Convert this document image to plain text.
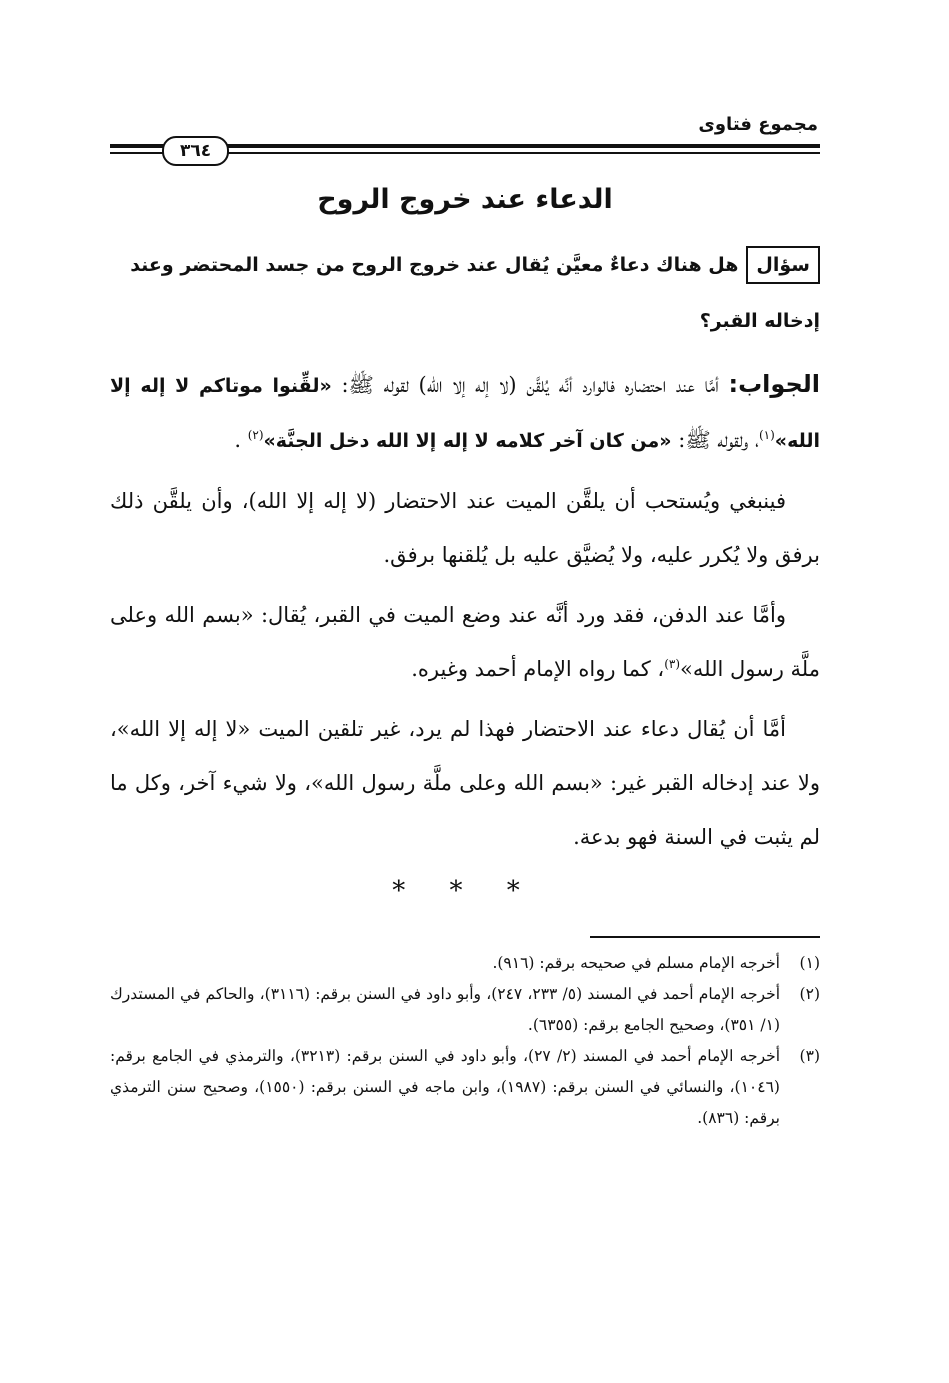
مجموع فتاوى
٣٦٤
الدعاء عند خروج الروح
سؤالهل هناك دعاءٌ معيَّن يُقال عند خروج الروح من جسد المحتضر وعند إدخاله القبر؟

الجواب: أمَّا عند احتضاره فالوارد أنَّه يُلقَّن (لا إله إلا الله) لقوله ﷺ: «لقِّنوا موتاكم لا إله إلا الله»$^{(١)}$، ولقوله ﷺ: «من كان آخر كلامه لا إله إلا الله دخل الجنَّة»$^{(٢)}$ .

فينبغي ويُستحب أن يلقَّن الميت عند الاحتضار (لا إله إلا الله)، وأن يلقَّن ذلك برفق ولا يُكرر عليه، ولا يُضيَّق عليه بل يُلقنها برفق.

وأمَّا عند الدفن، فقد ورد أنَّه عند وضع الميت في القبر، يُقال: «بسم الله وعلى ملَّة رسول الله»$^{(٣)}$، كما رواه الإمام أحمد وغيره.

أمَّا أن يُقال دعاء عند الاحتضار فهذا لم يرد، غير تلقين الميت «لا إله إلا الله»، ولا عند إدخاله القبر غير: «بسم الله وعلى ملَّة رسول الله»، ولا شيء آخر، وكل ما لم يثبت في السنة فهو بدعة.

* * *
(١)
أخرجه الإمام مسلم في صحيحه برقم: (٩١٦).
(٢)
أخرجه الإمام أحمد في المسند (٥/ ٢٣٣، ٢٤٧)، وأبو داود في السنن برقم: (٣١١٦)، والحاكم في المستدرك (١/ ٣٥١)، وصحيح الجامع برقم: (٦٣٥٥).
(٣)
أخرجه الإمام أحمد في المسند (٢/ ٢٧)، وأبو داود في السنن برقم: (٣٢١٣)، والترمذي في الجامع برقم: (١٠٤٦)، والنسائي في السنن برقم: (١٩٨٧)، وابن ماجه في السنن برقم: (١٥٥٠)، وصحيح سنن الترمذي برقم: (٨٣٦).
